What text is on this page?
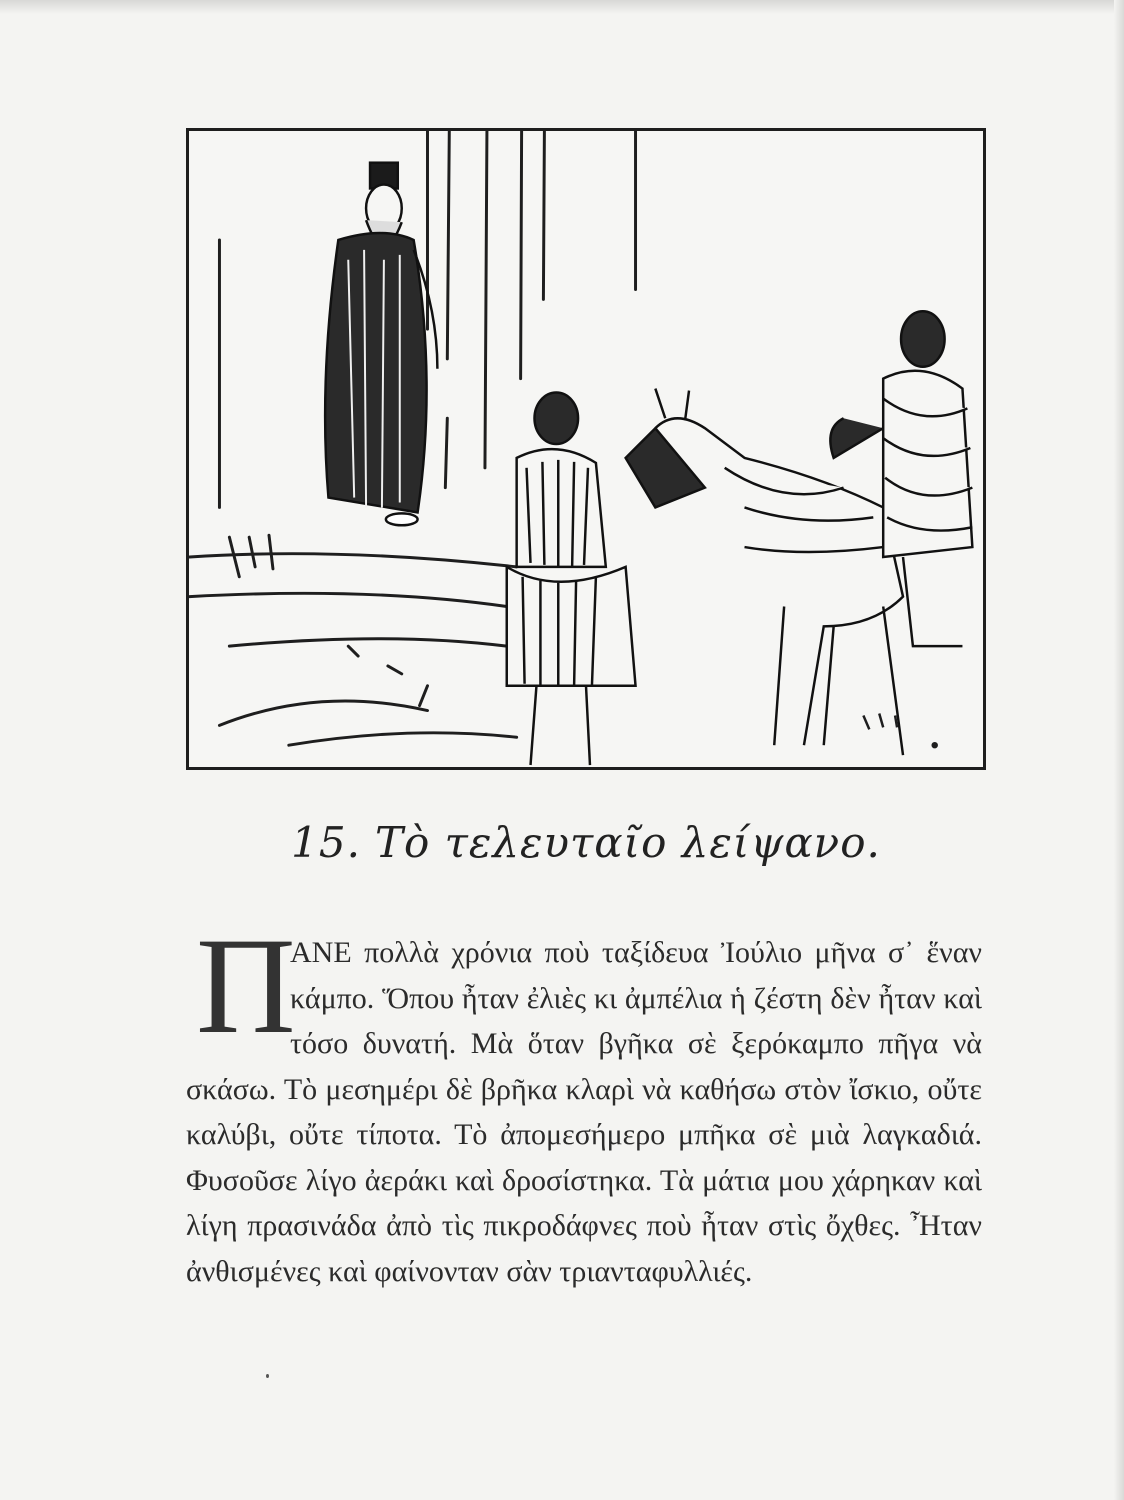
15. Τὸ τελευταῖο λείψανο.
Π

ΑΝΕ πολλὰ χρόνια ποὺ ταξίδευα Ἰούλιο μῆνα σ᾿ ἕναν κάμπο. Ὅπου ἦταν ἐλιὲς κι ἀμπέλια ἡ ζέστη δὲν ἦταν καὶ τόσο δυνατή. Μὰ ὅταν βγῆκα σὲ ξερόκαμπο πῆγα νὰ σκάσω. Τὸ μεσημέρι δὲ βρῆκα κλαρὶ νὰ καθήσω στὸν ἴσκιο, οὔτε καλύβι, οὔτε τίποτα. Τὸ ἀπομεσήμερο μπῆκα σὲ μιὰ λαγκαδιά. Φυσοῦσε λίγο ἀεράκι καὶ δροσίστηκα. Τὰ μάτια μου χάρηκαν καὶ λίγη πρασινάδα ἀπὸ τὶς πικροδάφνες ποὺ ἦταν στὶς ὄχθες. Ἦταν ἀνθισμένες καὶ φαίνονταν σὰν τριανταφυλλιές.
